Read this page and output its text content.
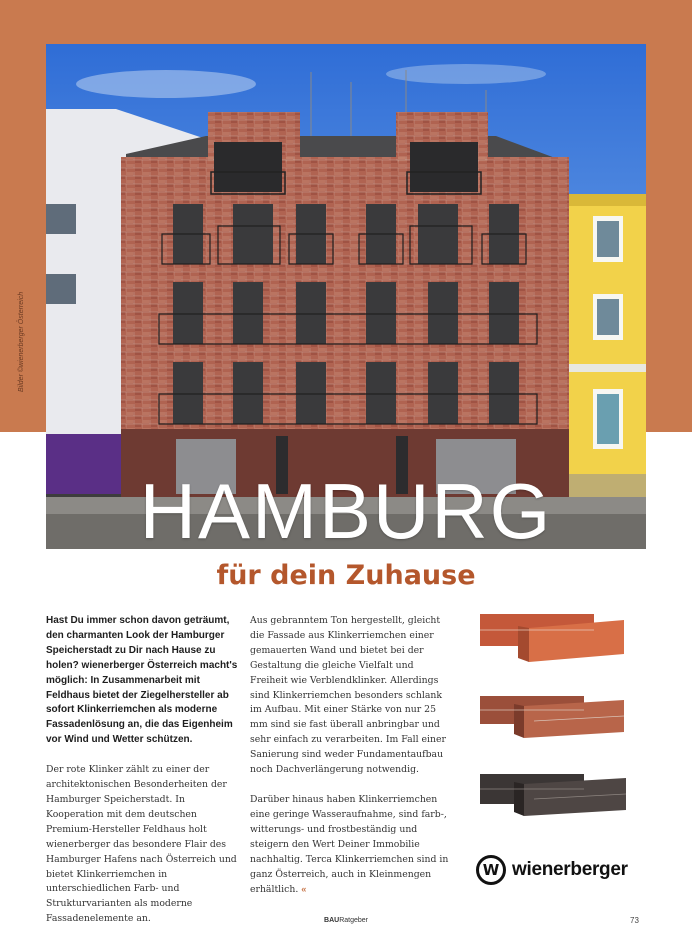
Bilder ©wienerberger Österreich
HAMBURG
für dein Zuhause

Hast Du immer schon davon geträumt, den charmanten Look der Hamburger Speicherstadt zu Dir nach Hause zu holen? wienerberger Österreich macht's möglich: In Zusammenarbeit mit Feldhaus bietet der Ziegelhersteller ab sofort Klinkerriemchen als moderne Fassadenlösung an, die das Eigenheim vor Wind und Wetter schützen.

Der rote Klinker zählt zu einer der architektonischen Besonderheiten der Hamburger Speicherstadt. In Kooperation mit dem deutschen Premium-Hersteller Feldhaus holt wienerberger das besondere Flair des Hamburger Hafens nach Österreich und bietet Klinkerriemchen in unterschiedlichen Farb- und Strukturvarianten als moderne Fassadenelemente an.

Aus gebranntem Ton hergestellt, gleicht die Fassade aus Klinkerriemchen einer gemauerten Wand und bietet bei der Gestaltung die gleiche Vielfalt und Freiheit wie Verblendklinker. Allerdings sind Klinkerriemchen besonders schlank im Aufbau. Mit einer Stärke von nur 25 mm sind sie fast überall anbringbar und sehr einfach zu verarbeiten. Im Fall einer Sanierung sind weder Fundamentaufbau noch Dachverlängerung notwendig.

Darüber hinaus haben Klinkerriemchen eine geringe Wasseraufnahme, sind farb-, witterungs- und frostbeständig und steigern den Wert Deiner Immobilie nachhaltig. Terca Klinkerriemchen sind in ganz Österreich, auch in Kleinmengen erhältlich. «

W wienerberger
BAURatgeber	73
